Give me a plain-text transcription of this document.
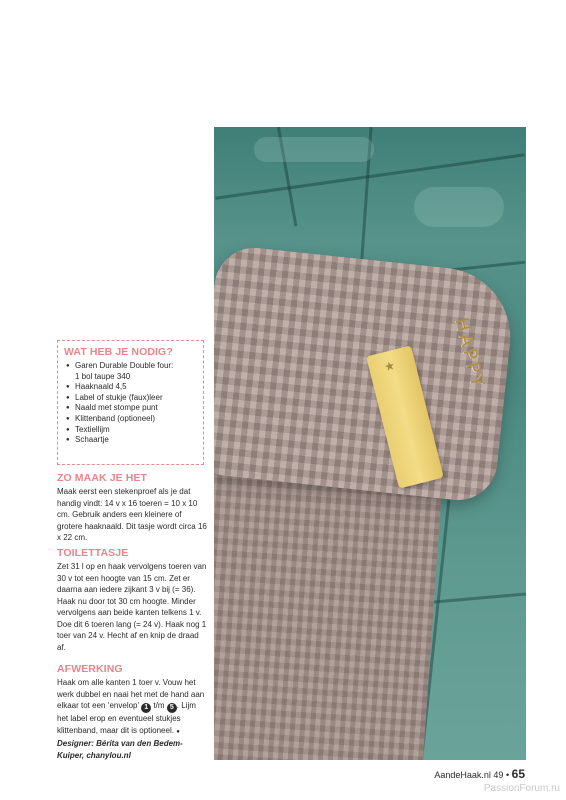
★	HAPPY
WAT HEB JE NODIG?
● Garen Durable Double four:
1 bol taupe 340
● Haaknaald 4,5
● Label of stukje (faux)leer
● Naald met stompe punt
● Klittenband (optioneel)
● Textiellijm
● Schaartje
ZO MAAK JE HET

Maak eerst een stekenproef als je dat handig vindt: 14 v x 16 toeren = 10 x 10 cm. Gebruik anders een kleinere of grotere haaknaald. Dit tasje wordt circa 16 x 22 cm.

TOILETTASJE

Zet 31 l op en haak vervolgens toeren van 30 v tot een hoogte van 15 cm. Zet er daarna aan iedere zijkant 3 v bij (= 36). Haak nu door tot 30 cm hoogte. Minder vervolgens aan beide kanten telkens 1 v. Doe dit 6 toeren lang (= 24 v). Haak nog 1 toer van 24 v. Hecht af en knip de draad af.

AFWERKING

Haak om alle kanten 1 toer v. Vouw het werk dubbel en naai het met de hand aan elkaar tot een ‘envelop’ 1 t/m 5 . Lijm het label erop en eventueel stukjes klittenband, maar dit is optioneel. ●

Designer: Bérita van den Bedem-Kuiper, chanylou.nl
AandeHaak.nl 49 • 65
PassionForum.ru
